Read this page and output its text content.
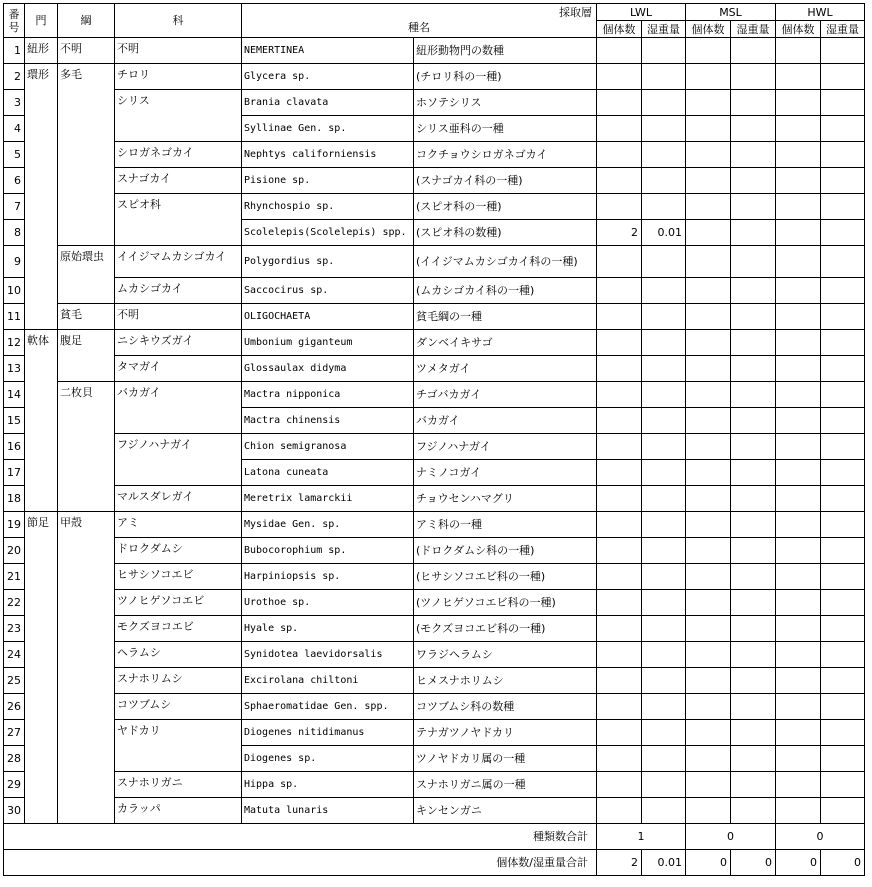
番
号	門	綱	科	採取層
種名		LWL		MSL		HWL	
						個体数	湿重量	個体数	湿重量	個体数	湿重量
1	紐形	不明	不明	NEMERTINEA	紐形動物門の数種						
2	環形	多毛	チロリ	Glycera sp.	(チロリ科の一種)						
3			シリス	Brania clavata	ホソテシリス						
4				Syllinae Gen. sp.	シリス亜科の一種						
5			シロガネゴカイ	Nephtys californiensis	コクチョウシロガネゴカイ						
6			スナゴカイ	Pisione sp.	(スナゴカイ科の一種)						
7			スピオ科	Rhynchospio sp.	(スピオ科の一種)						
8				Scolelepis(Scolelepis) spp.	(スピオ科の数種)	2	0.01				
9		原始環虫	イイジマムカシゴカイ	Polygordius sp.	(イイジマムカシゴカイ科の一種)						
10			ムカシゴカイ	Saccocirus sp.	(ムカシゴカイ科の一種)						
11		貧毛	不明	OLIGOCHAETA	貧毛綱の一種						
12	軟体	腹足	ニシキウズガイ	Umbonium giganteum	ダンベイキサゴ						
13			タマガイ	Glossaulax didyma	ツメタガイ						
14		二枚貝	バカガイ	Mactra nipponica	チゴバカガイ						
15				Mactra chinensis	バカガイ						
16			フジノハナガイ	Chion semigranosa	フジノハナガイ						
17				Latona cuneata	ナミノコガイ						
18			マルスダレガイ	Meretrix lamarckii	チョウセンハマグリ						
19	節足	甲殻	アミ	Mysidae Gen. sp.	アミ科の一種						
20			ドロクダムシ	Bubocorophium sp.	(ドロクダムシ科の一種)						
21			ヒサシソコエビ	Harpiniopsis sp.	(ヒサシソコエビ科の一種)						
22			ツノヒゲソコエビ	Urothoe sp.	(ツノヒゲソコエビ科の一種)						
23			モクズヨコエビ	Hyale sp.	(モクズヨコエビ科の一種)						
24			ヘラムシ	Synidotea laevidorsalis	ワラジヘラムシ						
25			スナホリムシ	Excirolana chiltoni	ヒメスナホリムシ						
26			コツブムシ	Sphaeromatidae Gen. spp.	コツブムシ科の数種						
27			ヤドカリ	Diogenes nitidimanus	テナガツノヤドカリ						
28				Diogenes sp.	ツノヤドカリ属の一種						
29			スナホリガニ	Hippa sp.	スナホリガニ属の一種						
30			カラッパ	Matuta lunaris	キンセンガニ						
種類数合計						1		0		0	
個体数/湿重量合計						2	0.01	0	0	0	0
